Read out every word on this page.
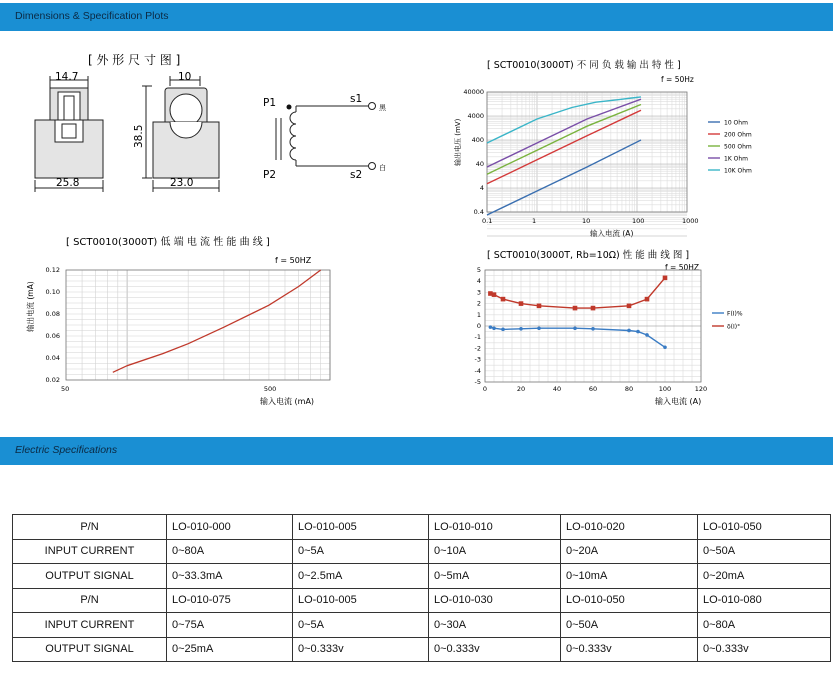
Dimensions & Specification Plots
Electric Specifications
[ 外 形 尺 寸 图 ]
14.7
25.8
10
38.5
23.0
P1
P2
s1
s2
黑
白
[ SCT0010(3000T) 不 同 负 载 输 出 特 性 ]
f = 50Hz
输出电压 (mV)
输入电流 (A)
0.1	1	10	100	1000
40000
4000
400
40
4
0.4
10 Ohm
200 Ohm
500 Ohm
1K Ohm
10K Ohm
[ SCT0010(3000T) 低 端 电 流 性 能 曲 线 ]
f = 50HZ
输出电流 (mA)
输入电流 (mA)
50	500
0.12
0.10
0.08
0.06
0.04
0.02
[ SCT0010(3000T, Rb=10Ω) 性 能 曲 线 图 ]
f = 50HZ
输入电流 (A)
0	20	40	60	80	100	120
5
4
3
2
1
0
-1
-2
-3
-4
-5
F(I)%
δ(I)°
P/N	LO-010-000	LO-010-005	LO-010-010	LO-010-020	LO-010-050
INPUT CURRENT	0~80A	0~5A	0~10A	0~20A	0~50A
OUTPUT SIGNAL	0~33.3mA	0~2.5mA	0~5mA	0~10mA	0~20mA
P/N	LO-010-075	LO-010-005	LO-010-030	LO-010-050	LO-010-080
INPUT CURRENT	0~75A	0~5A	0~30A	0~50A	0~80A
OUTPUT SIGNAL	0~25mA	0~0.333v	0~0.333v	0~0.333v	0~0.333v
